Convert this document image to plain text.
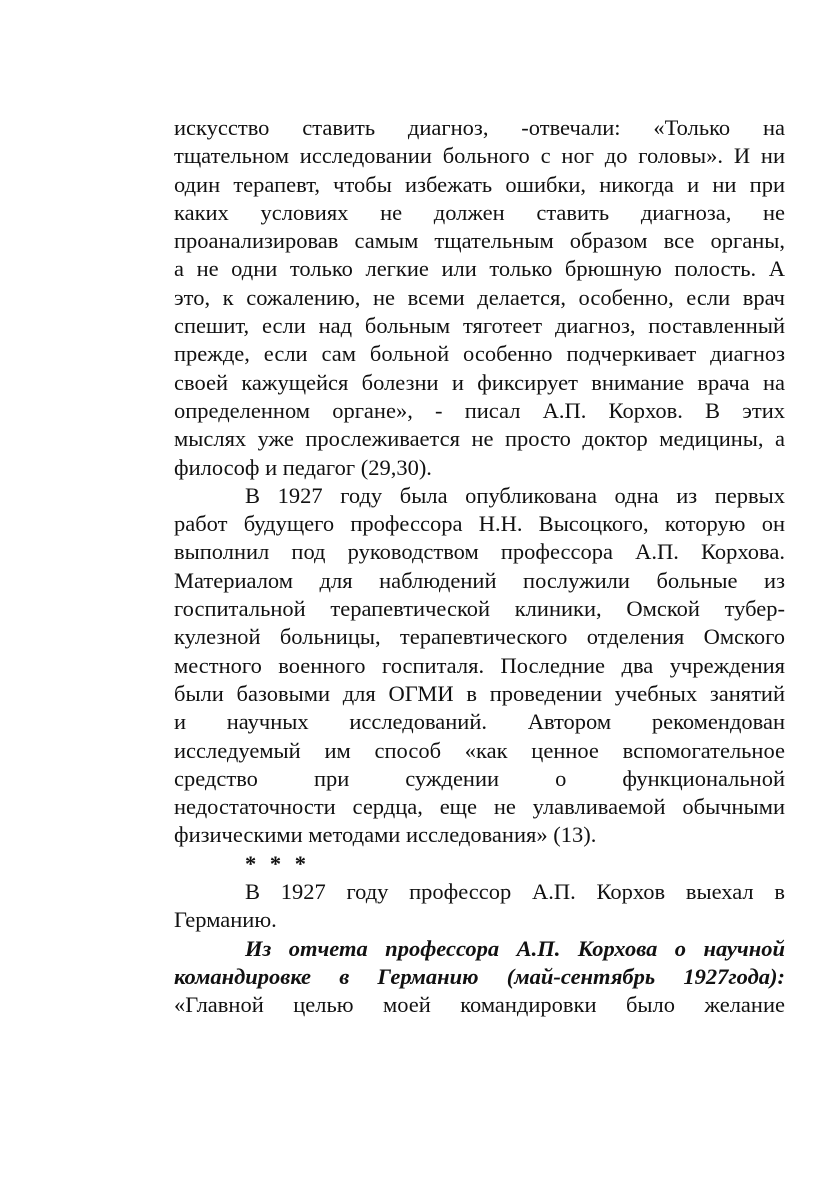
искусство ставить диагноз, -отвечали: «Только на
тщательном исследовании больного с ног до головы». И ни
один терапевт, чтобы избежать ошибки, никогда и ни при
каких условиях не должен ставить диагноза, не
проанализировав самым тщательным образом все органы,
а не одни только легкие или только брюшную полость. А
это, к сожалению, не всеми делается, особенно, если врач
спешит, если над больным тяготеет диагноз, поставленный
прежде, если сам больной особенно подчеркивает диагноз
своей кажущейся болезни и фиксирует внимание врача на
определенном органе», - писал А.П. Корхов. В этих
мыслях уже прослеживается не просто доктор медицины, а
философ и педагог (29,30).

В 1927 году была опубликована одна из первых
работ будущего профессора Н.Н. Высоцкого, которую он
выполнил под руководством профессора А.П. Корхова.
Материалом для наблюдений послужили больные из
госпитальной терапевтической клиники, Омской тубер-
кулезной больницы, терапевтического отделения Омского
местного военного госпиталя. Последние два учреждения
были базовыми для ОГМИ в проведении учебных занятий
и научных исследований. Автором рекомендован
исследуемый им способ «как ценное вспомогательное
средство при суждении о функциональной
недостаточности сердца, еще не улавливаемой обычными
физическими методами исследования» (13).

* * *

В 1927 году профессор А.П. Корхов выехал в
Германию.

Из отчета профессора А.П. Корхова о научной
командировке в Германию (май-сентябрь 1927года):
«Главной целью моей командировки было желание
